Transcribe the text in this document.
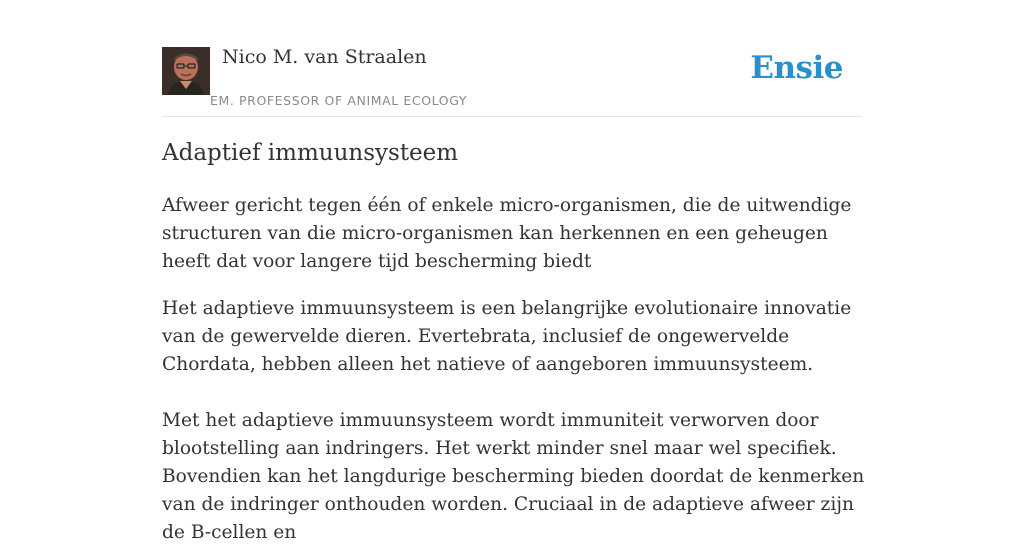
Nico M. van Straalen
EM. PROFESSOR OF ANIMAL ECOLOGY
Ensie
Adaptief immuunsysteem

Afweer gericht tegen één of enkele micro-organismen, die de uitwendige structuren van die micro-organismen kan herkennen en een geheugen heeft dat voor langere tijd bescherming biedt

Het adaptieve immuunsysteem is een belangrijke evolutionaire innovatie van de gewervelde dieren. Evertebrata, inclusief de ongewervelde Chordata, hebben alleen het natieve of aangeboren immuunsysteem.

Met het adaptieve immuunsysteem wordt immuniteit verworven door blootstelling aan indringers. Het werkt minder snel maar wel specifiek. Bovendien kan het langdurige bescherming bieden doordat de kenmerken van de indringer onthouden worden. Cruciaal in de adaptieve afweer zijn de B-cellen en
